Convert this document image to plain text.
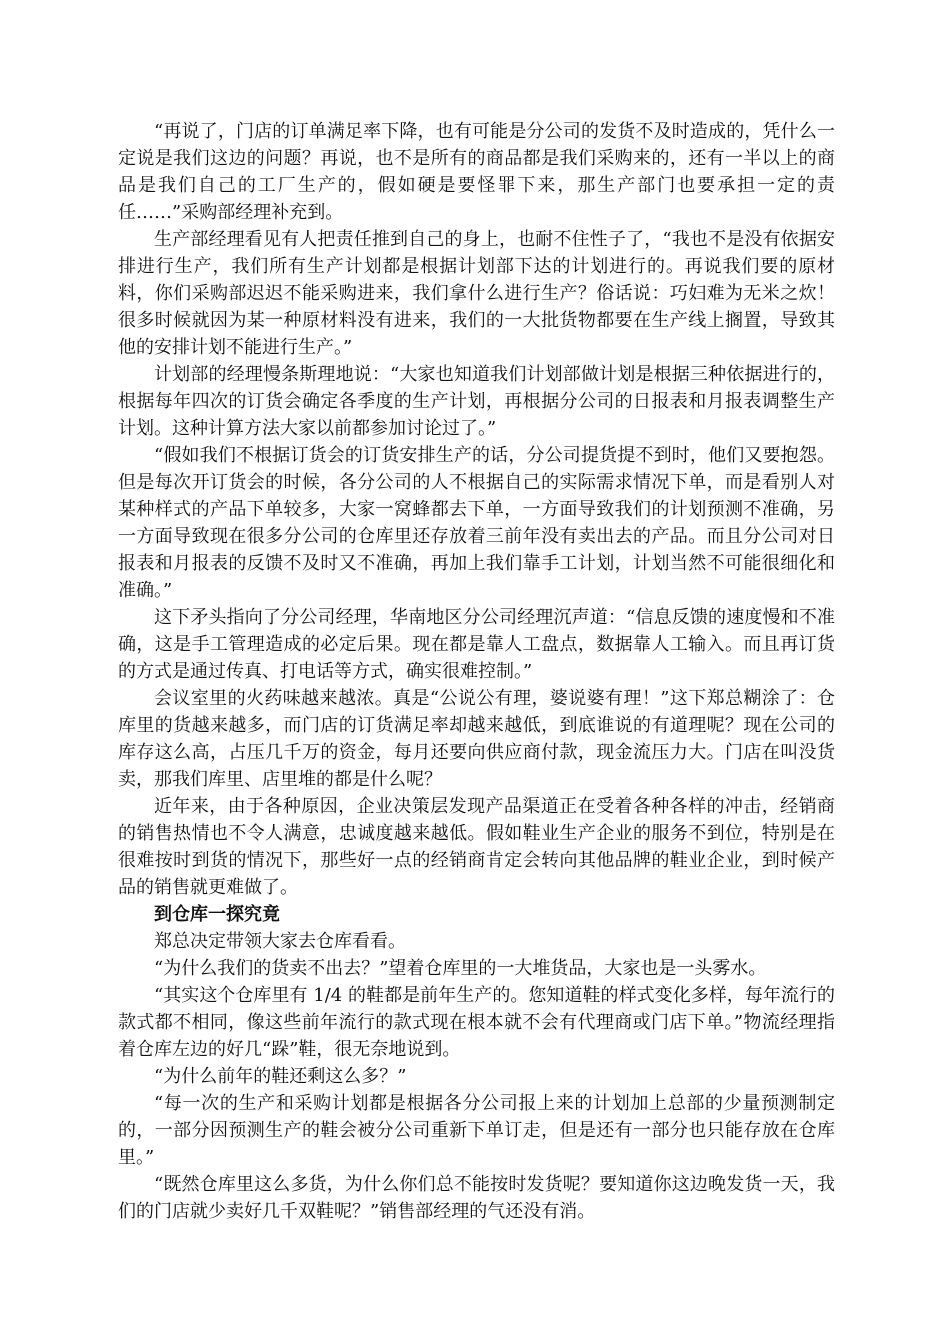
“再说了，门店的订单满足率下降，也有可能是分公司的发货不及时造成的，凭什么一定说是我们这边的问题？再说，也不是所有的商品都是我们采购来的，还有一半以上的商品是我们自己的工厂生产的，假如硬是要怪罪下来，那生产部门也要承担一定的责任……”采购部经理补充到。

生产部经理看见有人把责任推到自己的身上，也耐不住性子了，“我也不是没有依据安排进行生产，我们所有生产计划都是根据计划部下达的计划进行的。再说我们要的原材料，你们采购部迟迟不能采购进来，我们拿什么进行生产？俗话说：巧妇难为无米之炊！很多时候就因为某一种原材料没有进来，我们的一大批货物都要在生产线上搁置，导致其他的安排计划不能进行生产。”

计划部的经理慢条斯理地说：“大家也知道我们计划部做计划是根据三种依据进行的，根据每年四次的订货会确定各季度的生产计划，再根据分公司的日报表和月报表调整生产计划。这种计算方法大家以前都参加讨论过了。”

“假如我们不根据订货会的订货安排生产的话，分公司提货提不到时，他们又要抱怨。但是每次开订货会的时候，各分公司的人不根据自己的实际需求情况下单，而是看别人对某种样式的产品下单较多，大家一窝蜂都去下单，一方面导致我们的计划预测不准确，另一方面导致现在很多分公司的仓库里还存放着三前年没有卖出去的产品。而且分公司对日报表和月报表的反馈不及时又不准确，再加上我们靠手工计划，计划当然不可能很细化和准确。”

这下矛头指向了分公司经理，华南地区分公司经理沉声道：“信息反馈的速度慢和不准确，这是手工管理造成的必定后果。现在都是靠人工盘点，数据靠人工输入。而且再订货的方式是通过传真、打电话等方式，确实很难控制。”

会议室里的火药味越来越浓。真是“公说公有理，婆说婆有理！”这下郑总糊涂了：仓库里的货越来越多，而门店的订货满足率却越来越低，到底谁说的有道理呢？现在公司的库存这么高，占压几千万的资金，每月还要向供应商付款，现金流压力大。门店在叫没货卖，那我们库里、店里堆的都是什么呢？

近年来，由于各种原因，企业决策层发现产品渠道正在受着各种各样的冲击，经销商的销售热情也不令人满意，忠诚度越来越低。假如鞋业生产企业的服务不到位，特别是在很难按时到货的情况下，那些好一点的经销商肯定会转向其他品牌的鞋业企业，到时候产品的销售就更难做了。

到仓库一探究竟

郑总决定带领大家去仓库看看。

“为什么我们的货卖不出去？”望着仓库里的一大堆货品，大家也是一头雾水。

“其实这个仓库里有 1/4 的鞋都是前年生产的。您知道鞋的样式变化多样，每年流行的款式都不相同，像这些前年流行的款式现在根本就不会有代理商或门店下单。”物流经理指着仓库左边的好几“跺”鞋，很无奈地说到。

“为什么前年的鞋还剩这么多？”

“每一次的生产和采购计划都是根据各分公司报上来的计划加上总部的少量预测制定的，一部分因预测生产的鞋会被分公司重新下单订走，但是还有一部分也只能存放在仓库里。”

“既然仓库里这么多货，为什么你们总不能按时发货呢？要知道你这边晚发货一天，我们的门店就少卖好几千双鞋呢？”销售部经理的气还没有消。
